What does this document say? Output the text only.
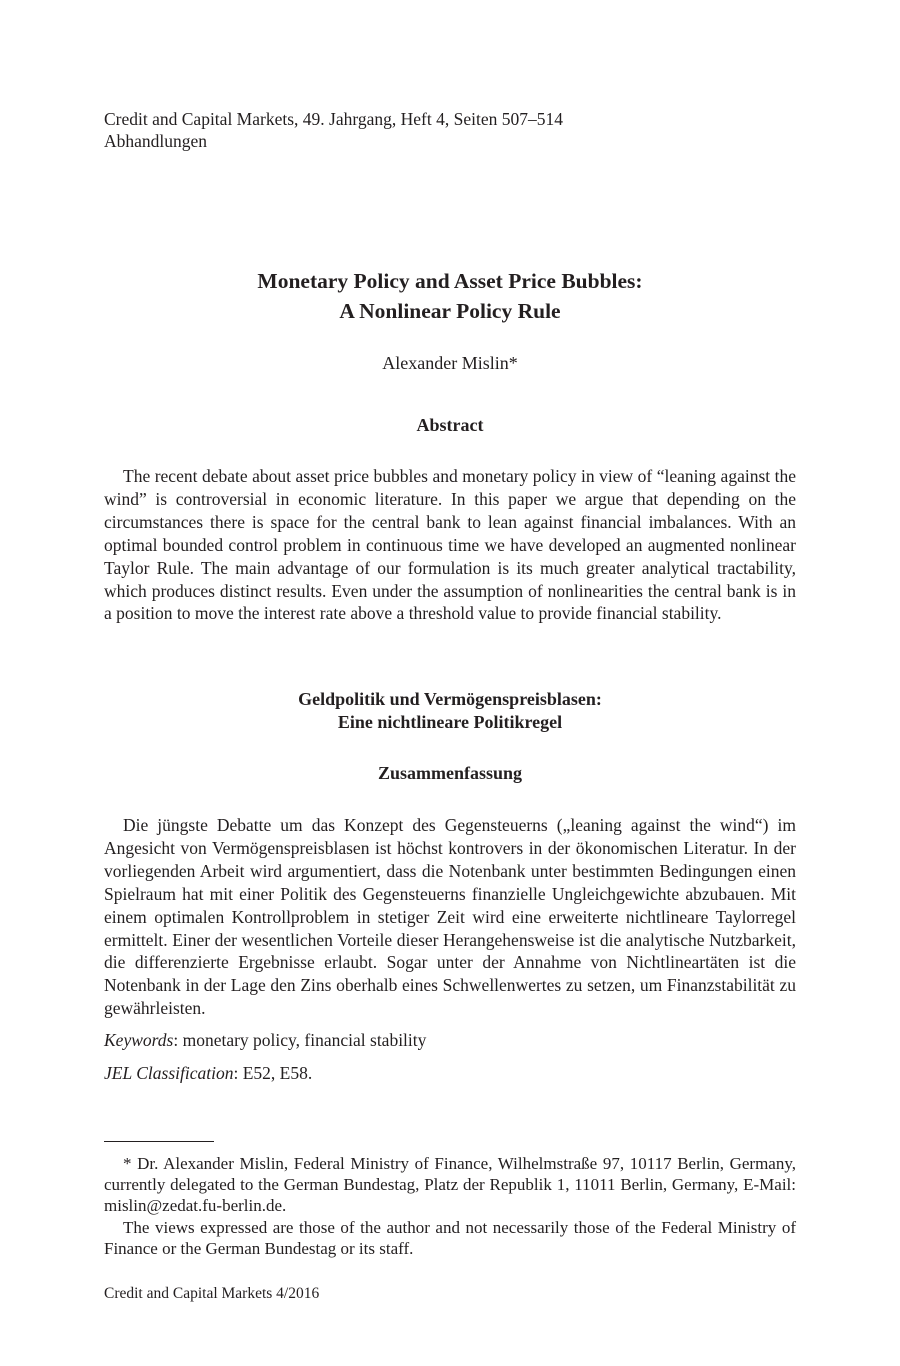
Credit and Capital Markets, 49. Jahrgang, Heft 4, Seiten 507–514
Abhandlungen
Monetary Policy and Asset Price Bubbles:
A Nonlinear Policy Rule
Alexander Mislin*
Abstract

The recent debate about asset price bubbles and monetary policy in view of “leaning against the wind” is controversial in economic literature. In this paper we argue that depending on the circumstances there is space for the central bank to lean against financial imbalances. With an optimal bounded control problem in continuous time we have developed an augmented nonlinear Taylor Rule. The main advantage of our formulation is its much greater analytical tractability, which produces distinct results. Even under the assumption of nonlinearities the central bank is in a position to move the interest rate above a threshold value to provide financial stability.

Geldpolitik und Vermögenspreisblasen:
Eine nichtlineare Politikregel
Zusammenfassung

Die jüngste Debatte um das Konzept des Gegensteuerns („leaning against the wind“) im Angesicht von Vermögenspreisblasen ist höchst kontrovers in der ökonomischen Literatur. In der vorliegenden Arbeit wird argumentiert, dass die Notenbank unter bestimmten Bedingungen einen Spielraum hat mit einer Politik des Gegensteuerns finanzielle Ungleichgewichte abzubauen. Mit einem optimalen Kontrollproblem in stetiger Zeit wird eine erweiterte nichtlineare Taylorregel ermittelt. Einer der wesentlichen Vorteile dieser Herangehensweise ist die analytische Nutzbarkeit, die differenzierte Ergebnisse erlaubt. Sogar unter der Annahme von Nichtlineartäten ist die Notenbank in der Lage den Zins oberhalb eines Schwellenwertes zu setzen, um Finanzstabilität zu gewährleisten.

Keywords: monetary policy, financial stability
JEL Classification: E52, E58.

* Dr. Alexander Mislin, Federal Ministry of Finance, Wilhelmstraße 97, 10117 Berlin, Germany, currently delegated to the German Bundestag, Platz der Republik 1, 11011 Berlin, Germany, E-Mail: mislin@zedat.fu-berlin.de.

The views expressed are those of the author and not necessarily those of the Federal Ministry of Finance or the German Bundestag or its staff.

Credit and Capital Markets 4/2016
